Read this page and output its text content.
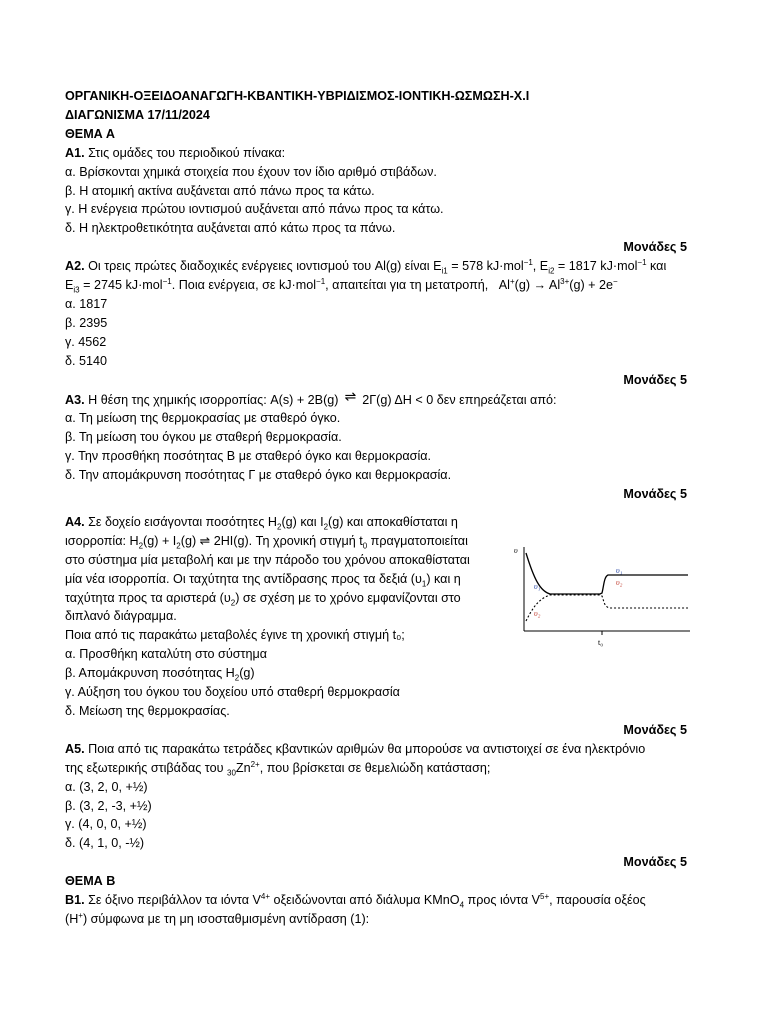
ΟΡΓΑΝΙΚΗ-ΟΞΕΙΔΟΑΝΑΓΩΓΗ-ΚΒΑΝΤΙΚΗ-ΥΒΡΙΔΙΣΜΟΣ-ΙΟΝΤΙΚΗ-ΩΣΜΩΣΗ-Χ.Ι
ΔΙΑΓΩΝΙΣΜΑ 17/11/2024
ΘΕΜΑ Α
Α1. Στις ομάδες του περιοδικού πίνακα:
α. Βρίσκονται χημικά στοιχεία που έχουν τον ίδιο αριθμό στιβάδων.
β. Η ατομική ακτίνα αυξάνεται από πάνω προς τα κάτω.
γ. Η ενέργεια πρώτου ιοντισμού αυξάνεται από πάνω προς τα κάτω.
δ. Η ηλεκτροθετικότητα αυξάνεται από κάτω προς τα πάνω.
Μονάδες 5
Α2. Οι τρεις πρώτες διαδοχικές ενέργειες ιοντισμού του Al(g) είναι $E_{i1} = 578$ kJ·mol$^{-1}$, $E_{i2} = 1817$ kJ·mol$^{-1}$ και
$E_{i3} = 2745$ kJ·mol$^{-1}$. Ποια ενέργεια, σε kJ·mol$^{-1}$, απαιτείται για τη μετατροπή,   $Al^+(g) \to Al^{3+}(g) + 2e^-$
α. 1817
β. 2395
γ. 4562
δ. 5140
Μονάδες 5
Α3. Η θέση της χημικής ισορροπίας: A(s) + 2B(g) ⇌ 2Γ(g) ΔΗ < 0 δεν επηρεάζεται από:
α. Τη μείωση της θερμοκρασίας με σταθερό όγκο.
β. Τη μείωση του όγκου με σταθερή θερμοκρασία.
γ. Την προσθήκη ποσότητας Β με σταθερό όγκο και θερμοκρασία.
δ. Την απομάκρυνση ποσότητας Γ με σταθερό όγκο και θερμοκρασία.
Μονάδες 5
Α4. Σε δοχείο εισάγονται ποσότητες $H_2(g)$ και $I_2(g)$ και αποκαθίσταται η
ισορροπία: $H_2(g) + I_2(g)$ ⇌ 2HI(g). Τη χρονική στιγμή $t_0$ πραγματοποιείται
στο σύστημα μία μεταβολή και με την πάροδο του χρόνου αποκαθίσταται
μία νέα ισορροπία. Οι ταχύτητα της αντίδρασης προς τα δεξιά $(\upsilon_1)$ και η
ταχύτητα προς τα αριστερά $(\upsilon_2)$ σε σχέση με το χρόνο εμφανίζονται στο
διπλανό διάγραμμα.
Ποια από τις παρακάτω μεταβολές έγινε τη χρονική στιγμή t₀;
α. Προσθήκη καταλύτη στο σύστημα
β. Απομάκρυνση ποσότητας $H_2(g)$
γ. Αύξηση του όγκου του δοχείου υπό σταθερή θερμοκρασία
δ. Μείωση της θερμοκρασίας.
υ
t₀
υ₁
υ₂
υ₁
υ₂
Μονάδες 5
Α5. Ποια από τις παρακάτω τετράδες κβαντικών αριθμών θα μπορούσε να αντιστοιχεί σε ένα ηλεκτρόνιο
της εξωτερικής στιβάδας του $_{30}Zn^{2+}$, που βρίσκεται σε θεμελιώδη κατάσταση;
α. (3, 2, 0, +½)
β. (3, 2, -3, +½)
γ. (4, 0, 0, +½)
δ. (4, 1, 0, -½)
Μονάδες 5
ΘΕΜΑ Β
Β1. Σε όξινο περιβάλλον τα ιόντα $V^{4+}$ οξειδώνονται από διάλυμα KMnO$_4$ προς ιόντα $V^{5+}$, παρουσία οξέος
(H+) σύμφωνα με τη μη ισοσταθμισμένη αντίδραση (1):
